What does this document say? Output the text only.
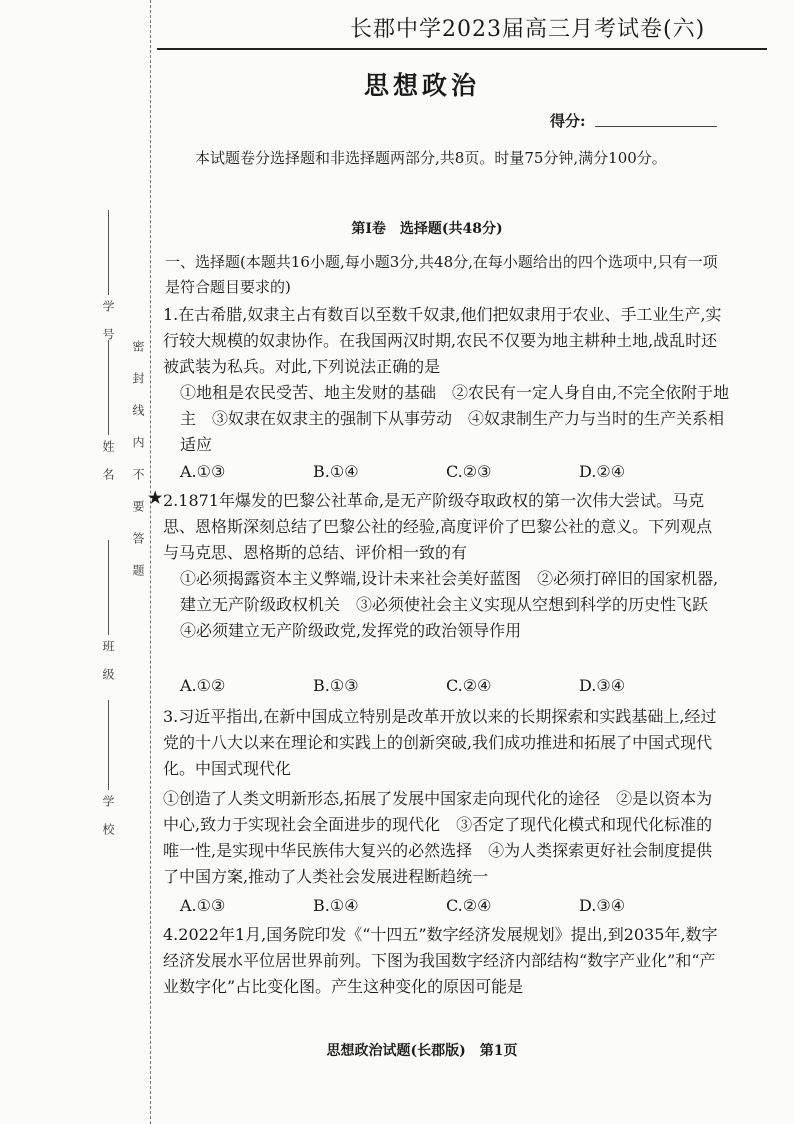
学　校
班　级
姓　名
学　号
密　封　线　内　不　要　答　题
长郡中学2023届高三月考试卷(六)
思想政治
得分:
本试题卷分选择题和非选择题两部分,共8页。时量75分钟,满分100分。
第Ⅰ卷　选择题(共48分)
一、选择题(本题共16小题,每小题3分,共48分,在每小题给出的四个选项中,只有一项是符合题目要求的)
1.在古希腊,奴隶主占有数百以至数千奴隶,他们把奴隶用于农业、手工业生产,实行较大规模的奴隶协作。在我国两汉时期,农民不仅要为地主耕种土地,战乱时还被武装为私兵。对此,下列说法正确的是
①地租是农民受苦、地主发财的基础　②农民有一定人身自由,不完全依附于地主　③奴隶在奴隶主的强制下从事劳动　④奴隶制生产力与当时的生产关系相适应
A.①③	B.①④	C.②③	D.②④
★ 2.1871年爆发的巴黎公社革命,是无产阶级夺取政权的第一次伟大尝试。马克思、恩格斯深刻总结了巴黎公社的经验,高度评价了巴黎公社的意义。下列观点与马克思、恩格斯的总结、评价相一致的有
①必须揭露资本主义弊端,设计未来社会美好蓝图　②必须打碎旧的国家机器,建立无产阶级政权机关　③必须使社会主义实现从空想到科学的历史性飞跃　④必须建立无产阶级政党,发挥党的政治领导作用
A.①②	B.①③	C.②④	D.③④
3.习近平指出,在新中国成立特别是改革开放以来的长期探索和实践基础上,经过党的十八大以来在理论和实践上的创新突破,我们成功推进和拓展了中国式现代化。中国式现代化
①创造了人类文明新形态,拓展了发展中国家走向现代化的途径　②是以资本为中心,致力于实现社会全面进步的现代化　③否定了现代化模式和现代化标准的唯一性,是实现中华民族伟大复兴的必然选择　④为人类探索更好社会制度提供了中国方案,推动了人类社会发展进程断趋统一
A.①③	B.①④	C.②④	D.③④
4.2022年1月,国务院印发《“十四五”数字经济发展规划》提出,到2035年,数字经济发展水平位居世界前列。下图为我国数字经济内部结构“数字产业化”和“产业数字化”占比变化图。产生这种变化的原因可能是
思想政治试题(长郡版)　第1页
